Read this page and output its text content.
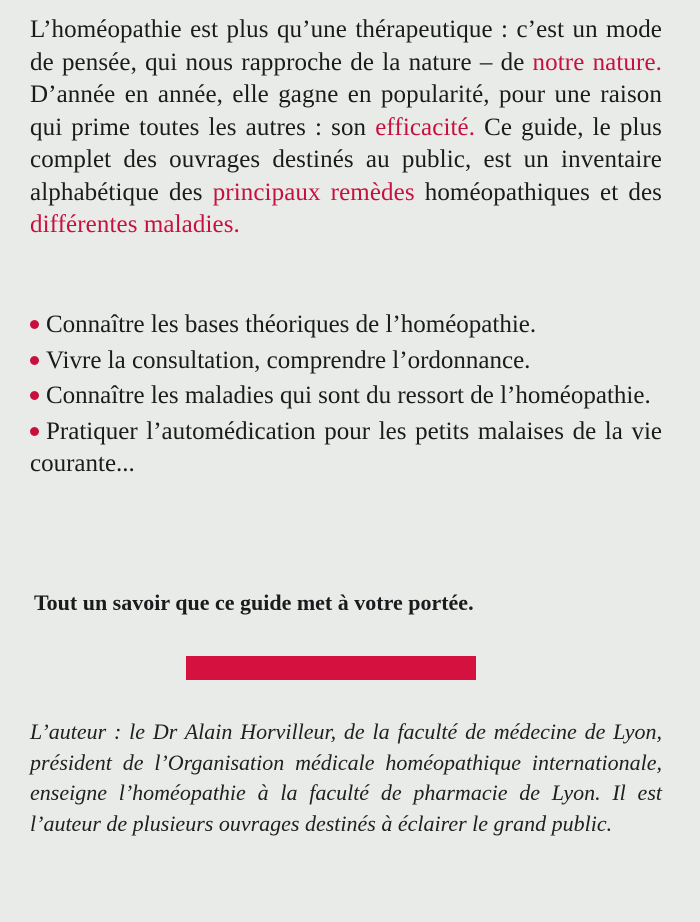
L’homéopathie est plus qu’une thérapeutique : c’est un mode de pensée, qui nous rapproche de la nature – de notre nature. D’année en année, elle gagne en popularité, pour une raison qui prime toutes les autres : son efficacité. Ce guide, le plus complet des ouvrages destinés au public, est un inventaire alphabétique des principaux remèdes homéopathiques et des différentes maladies.

Connaître les bases théoriques de l’homéopathie.
Vivre la consultation, comprendre l’ordonnance.
Connaître les maladies qui sont du ressort de l’homéopathie.
Pratiquer l’automédication pour les petits malaises de la vie courante...
Tout un savoir que ce guide met à votre portée.
L’auteur : le Dr Alain Horvilleur, de la faculté de médecine de Lyon, président de l’Organisation médicale homéopathique internationale, enseigne l’homéopathie à la faculté de pharmacie de Lyon. Il est l’auteur de plusieurs ouvrages destinés à éclairer le grand public.
